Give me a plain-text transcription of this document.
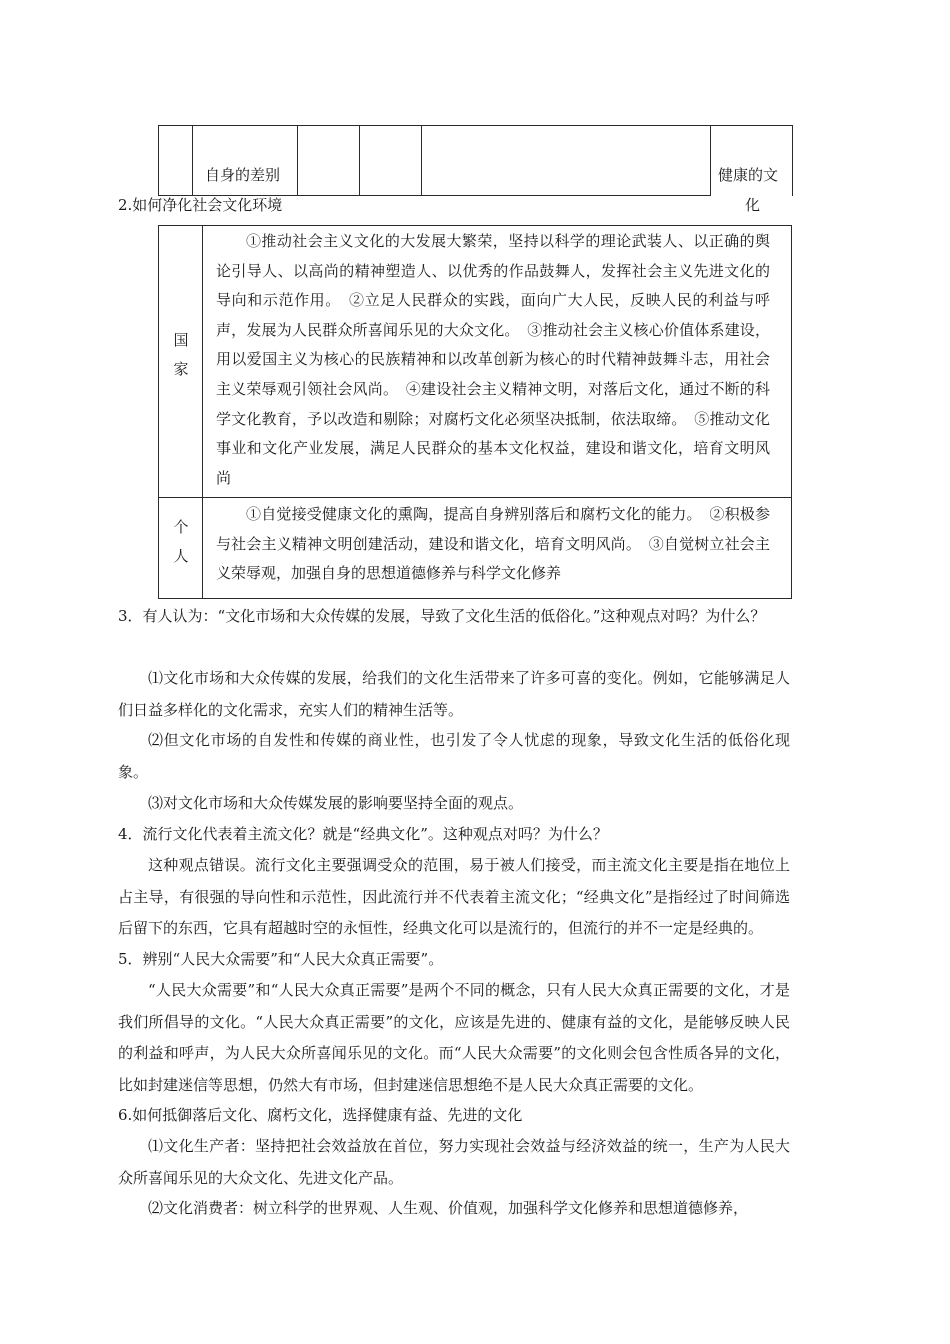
自身的差别	健康的文
化
2.如何净化社会文化环境
国
家
①推动社会主义文化的大发展大繁荣，坚持以科学的理论武装人、以正确的舆论引导人、以高尚的精神塑造人、以优秀的作品鼓舞人，发挥社会主义先进文化的导向和示范作用。　②立足人民群众的实践，面向广大人民，反映人民的利益与呼声，发展为人民群众所喜闻乐见的大众文化。　③推动社会主义核心价值体系建设，用以爱国主义为核心的民族精神和以改革创新为核心的时代精神鼓舞斗志，用社会主义荣辱观引领社会风尚。　④建设社会主义精神文明，对落后文化，通过不断的科学文化教育，予以改造和剔除；对腐朽文化必须坚决抵制，依法取缔。　⑤推动文化事业和文化产业发展，满足人民群众的基本文化权益，建设和谐文化，培育文明风尚
个
人
①自觉接受健康文化的熏陶，提高自身辨别落后和腐朽文化的能力。　②积极参与社会主义精神文明创建活动，建设和谐文化，培育文明风尚。　③自觉树立社会主义荣辱观，加强自身的思想道德修养与科学文化修养
3．有人认为：“文化市场和大众传媒的发展，导致了文化生活的低俗化。”这种观点对吗？为什么？
⑴文化市场和大众传媒的发展，给我们的文化生活带来了许多可喜的变化。例如，它能够满足人们日益多样化的文化需求，充实人们的精神生活等。
⑵但文化市场的自发性和传媒的商业性，也引发了令人忧虑的现象，导致文化生活的低俗化现象。
⑶对文化市场和大众传媒发展的影响要坚持全面的观点。
4．流行文化代表着主流文化？就是“经典文化”。这种观点对吗？为什么？
这种观点错误。流行文化主要强调受众的范围，易于被人们接受，而主流文化主要是指在地位上占主导，有很强的导向性和示范性，因此流行并不代表着主流文化；“经典文化”是指经过了时间筛选后留下的东西，它具有超越时空的永恒性，经典文化可以是流行的，但流行的并不一定是经典的。
5．辨别“人民大众需要”和“人民大众真正需要”。
“人民大众需要”和“人民大众真正需要”是两个不同的概念，只有人民大众真正需要的文化，才是我们所倡导的文化。“人民大众真正需要”的文化，应该是先进的、健康有益的文化，是能够反映人民的利益和呼声，为人民大众所喜闻乐见的文化。而“人民大众需要”的文化则会包含性质各异的文化，比如封建迷信等思想，仍然大有市场，但封建迷信思想绝不是人民大众真正需要的文化。
6.如何抵御落后文化、腐朽文化，选择健康有益、先进的文化
⑴文化生产者：坚持把社会效益放在首位，努力实现社会效益与经济效益的统一，生产为人民大众所喜闻乐见的大众文化、先进文化产品。
⑵文化消费者：树立科学的世界观、人生观、价值观，加强科学文化修养和思想道德修养，
